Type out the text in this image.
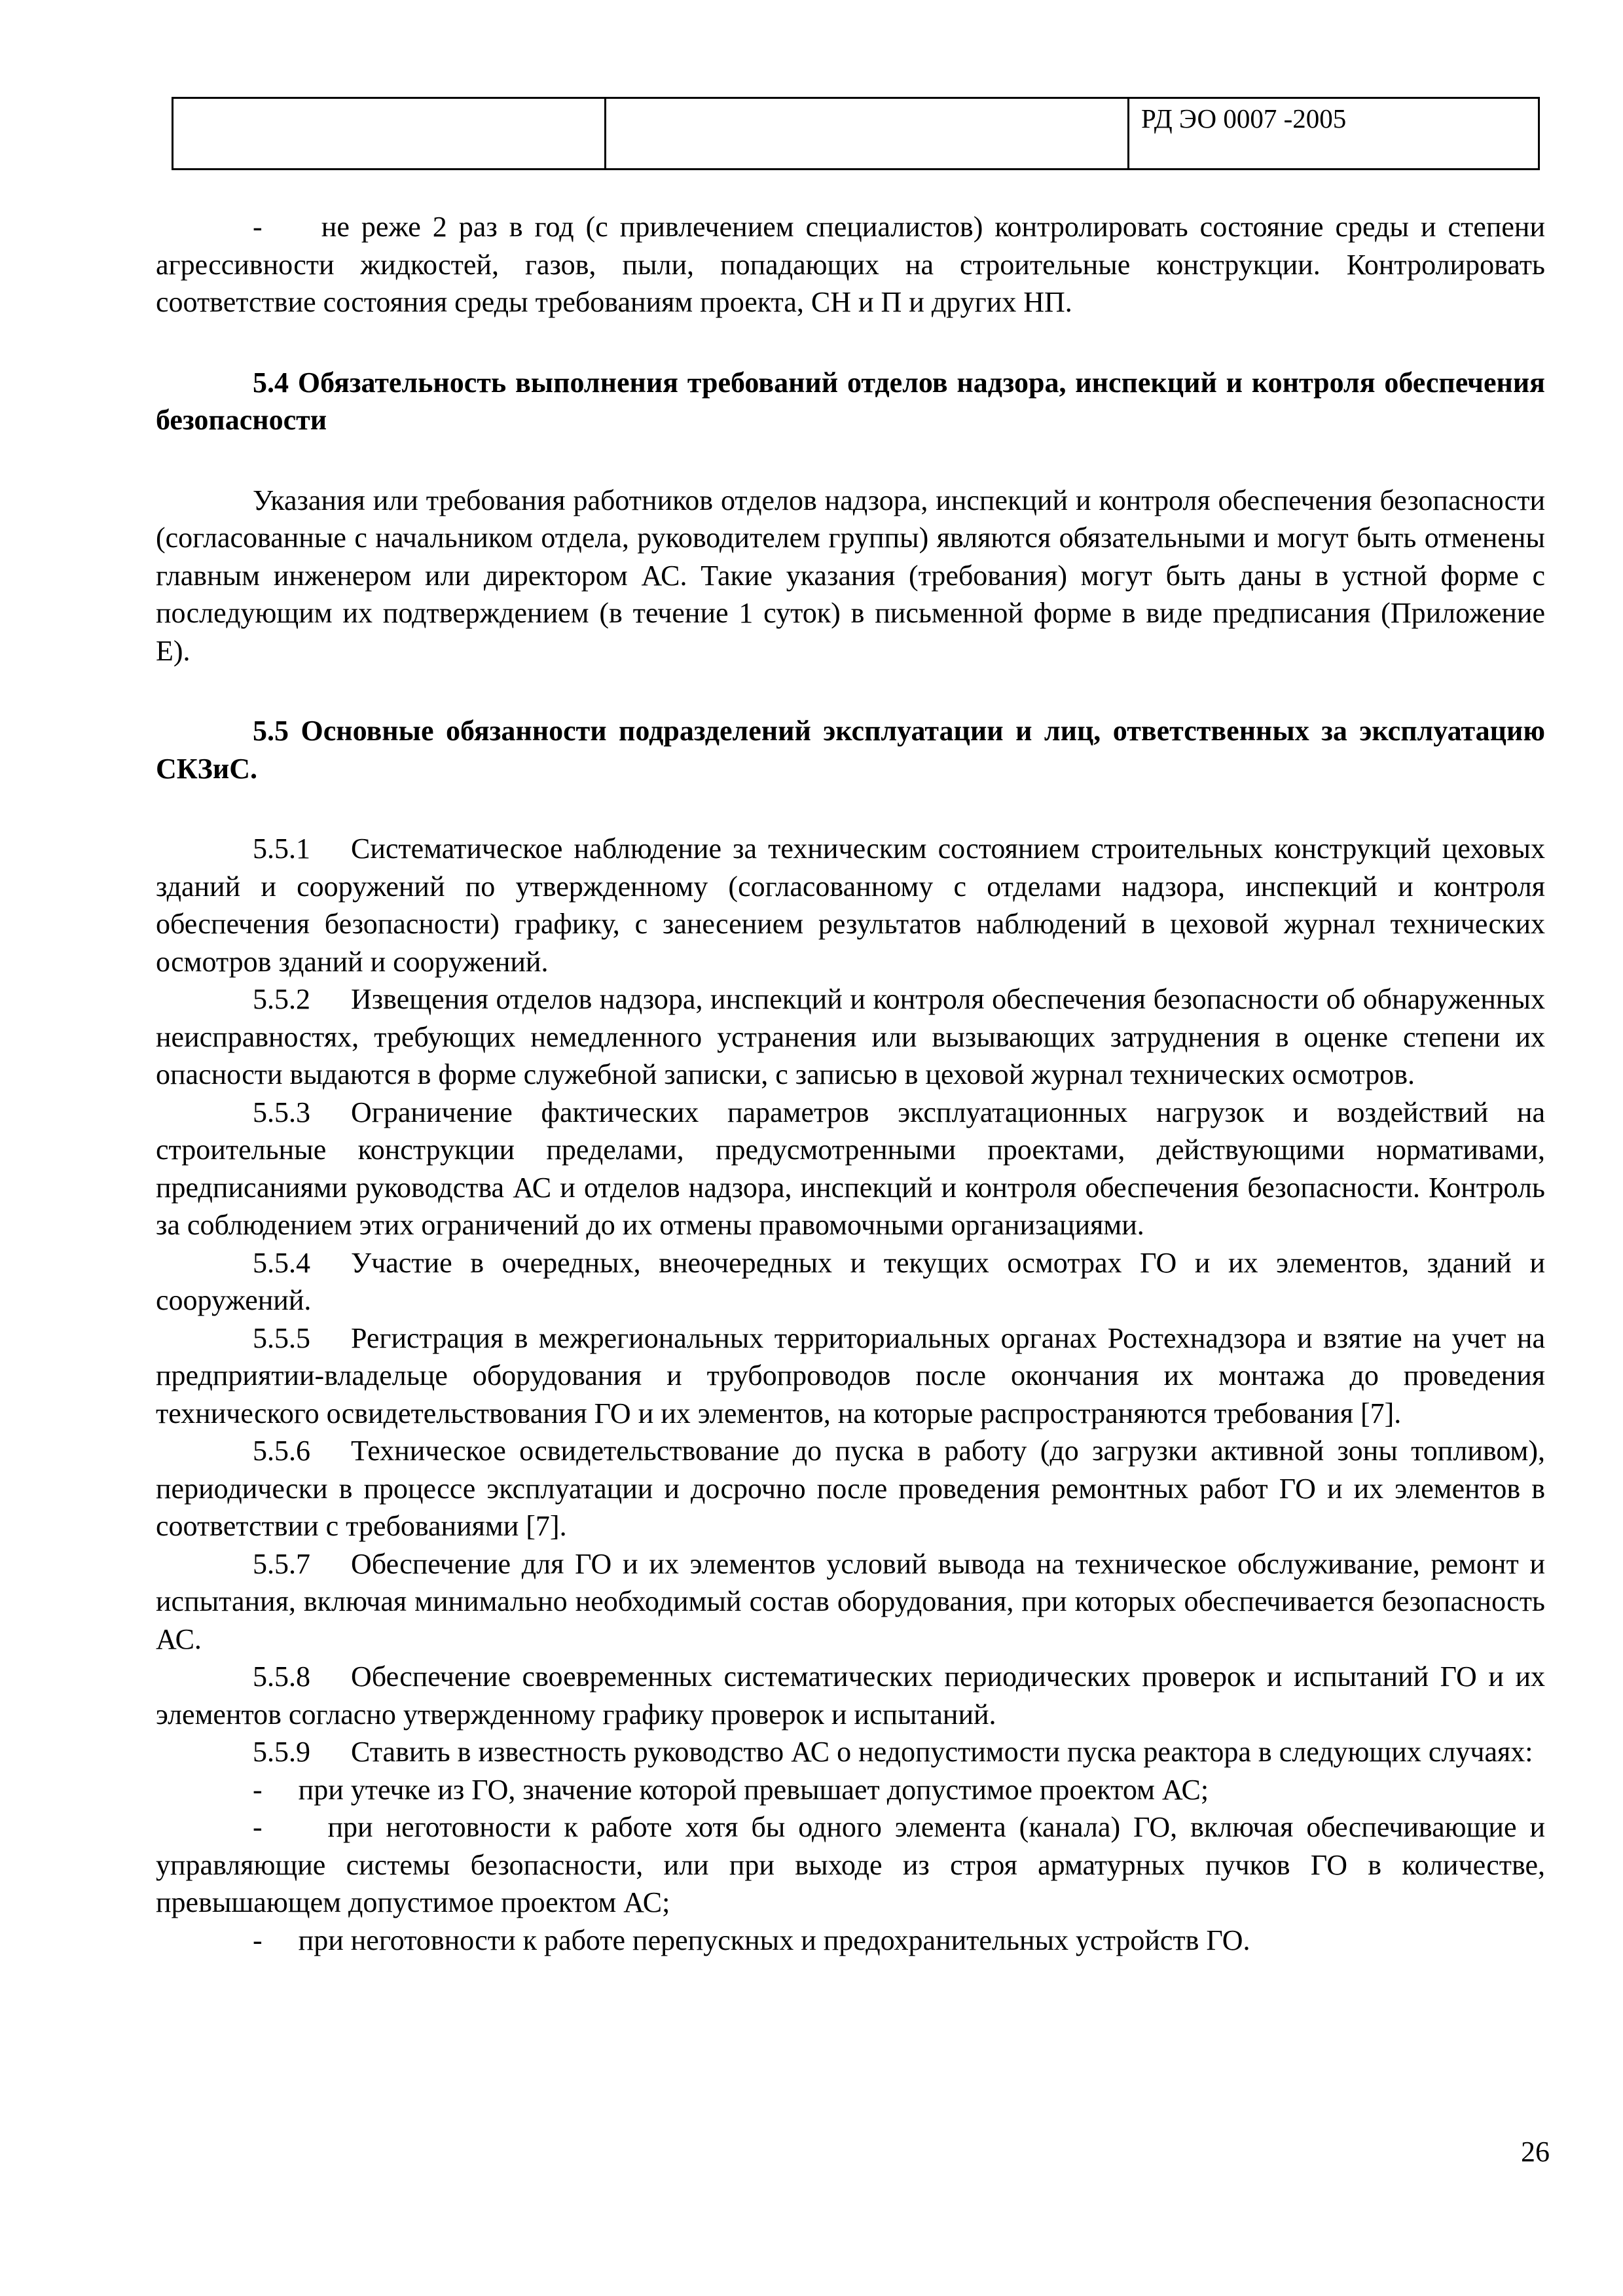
		РД ЭО 0007 -2005

- не реже 2 раз в год (с привлечением специалистов) контролировать состояние среды и степени агрессивности жидкостей, газов, пыли, попадающих на строительные конструкции. Контролировать соответствие состояния среды требованиям проекта, СН и П и других НП.

5.4 Обязательность выполнения требований отделов надзора, инспекций и контроля обеспечения безопасности

Указания или требования работников отделов надзора, инспекций и контроля обеспечения безопасности (согласованные с начальником отдела, руководителем группы) являются обязательными и могут быть отменены главным инженером или директором АС. Такие указания (требования) могут быть даны в устной форме с последующим их подтверждением (в течение 1 суток) в письменной форме в виде предписания (Приложение Е).

5.5 Основные обязанности подразделений эксплуатации и лиц, ответственных за эксплуатацию СКЗиС.

5.5.1 Систематическое наблюдение за техническим состоянием строительных конструкций цеховых зданий и сооружений по утвержденному (согласованному с отделами надзора, инспекций и контроля обеспечения безопасности) графику, с занесением результатов наблюдений в цеховой журнал технических осмотров зданий и сооружений.

5.5.2 Извещения отделов надзора, инспекций и контроля обеспечения безопасности об обнаруженных неисправностях, требующих немедленного устранения или вызывающих затруднения в оценке степени их опасности выдаются в форме служебной записки, с записью в цеховой журнал технических осмотров.

5.5.3 Ограничение фактических параметров эксплуатационных нагрузок и воздействий на строительные конструкции пределами, предусмотренными проектами, действующими нормативами, предписаниями руководства АС и отделов надзора, инспекций и контроля обеспечения безопасности. Контроль за соблюдением этих ограничений до их отмены правомочными организациями.

5.5.4 Участие в очередных, внеочередных и текущих осмотрах ГО и их элементов, зданий и сооружений.

5.5.5 Регистрация в межрегиональных территориальных органах Ростехнадзора и взятие на учет на предприятии-владельце оборудования и трубопроводов после окончания их монтажа до проведения технического освидетельствования ГО и их элементов, на которые распространяются требования [7].

5.5.6 Техническое освидетельствование до пуска в работу (до загрузки активной зоны топливом), периодически в процессе эксплуатации и досрочно после проведения ремонтных работ ГО и их элементов в соответствии с требованиями [7].

5.5.7 Обеспечение для ГО и их элементов условий вывода на техническое обслуживание, ремонт и испытания, включая минимально необходимый состав оборудования, при которых обеспечивается безопасность АС.

5.5.8 Обеспечение своевременных систематических периодических проверок и испытаний ГО и их элементов согласно утвержденному графику проверок и испытаний.

5.5.9 Ставить в известность руководство АС о недопустимости пуска реактора в следующих случаях:

- при утечке из ГО, значение которой превышает допустимое проектом АС;

- при неготовности к работе хотя бы одного элемента (канала) ГО, включая обеспечивающие и управляющие системы безопасности, или при выходе из строя арматурных пучков ГО в количестве, превышающем допустимое проектом АС;

- при неготовности к работе перепускных и предохранительных устройств ГО.

26
